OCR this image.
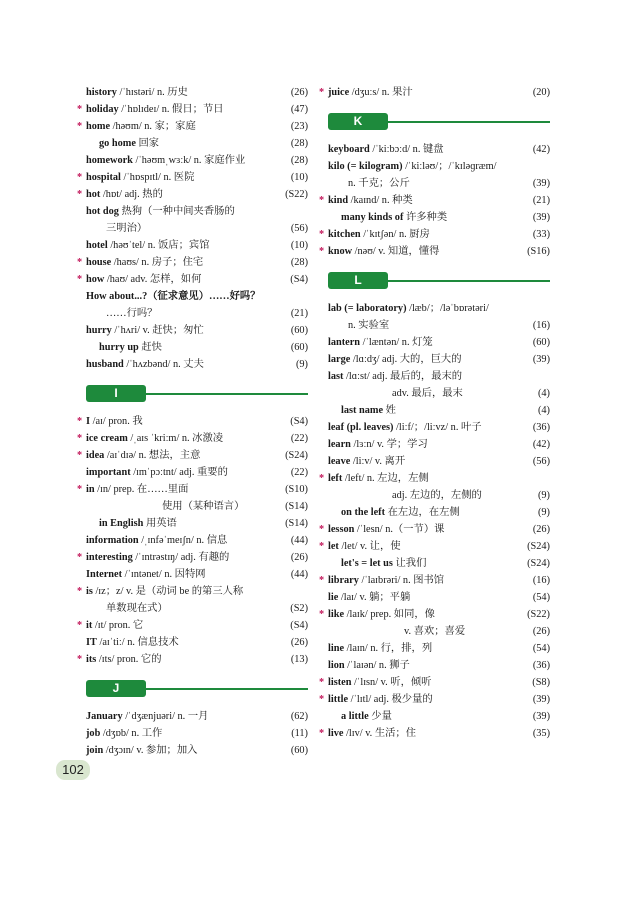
history /ˈhɪstəri/ n. 历史	(26)
* holiday /ˈhɒlɪdeɪ/ n. 假日；节日	(47)
* home /həʊm/ n. 家；家庭	(23)
go home 回家	(28)
homework /ˈhəʊmˌwɜːk/ n. 家庭作业	(28)
* hospital /ˈhɒspɪtl/ n. 医院	(10)
* hot /hɒt/ adj. 热的	(S22)
hot dog 热狗（一种中间夹香肠的
三明治）	(56)
hotel /həʊˈtel/ n. 饭店；宾馆	(10)
* house /haʊs/ n. 房子；住宅	(28)
* how /haʊ/ adv. 怎样，如何	(S4)
How about...?（征求意见）……好吗？
……行吗？	(21)
hurry /ˈhʌri/ v. 赶快；匆忙	(60)
hurry up 赶快	(60)
husband /ˈhʌzbənd/ n. 丈夫	(9)
I
* I /aɪ/ pron. 我	(S4)
* ice cream /ˌaɪs ˈkriːm/ n. 冰激凌	(22)
* idea /aɪˈdɪə/ n. 想法，主意	(S24)
important /ɪmˈpɔːtnt/ adj. 重要的	(22)
* in /ɪn/ prep. 在……里面	(S10)
使用（某种语言）	(S14)
in English 用英语	(S14)
information /ˌɪnfəˈmeɪʃn/ n. 信息	(44)
* interesting /ˈɪntrəstɪŋ/ adj. 有趣的	(26)
Internet /ˈɪntənet/ n. 因特网	(44)
* is /ɪz；z/ v. 是（动词 be 的第三人称
单数现在式）	(S2)
* it /ɪt/ pron. 它	(S4)
IT /aɪˈtiː/ n. 信息技术	(26)
* its /ɪts/ pron. 它的	(13)
J
January /ˈdʒænjuəri/ n. 一月	(62)
job /dʒɒb/ n. 工作	(11)
join /dʒɔɪn/ v. 参加；加入	(60)
* juice /dʒuːs/ n. 果汁	(20)
K
keyboard /ˈkiːbɔːd/ n. 键盘	(42)
kilo (= kilogram) /ˈkiːləʊ/；/ˈkɪləɡræm/
n. 千克；公斤	(39)
* kind /kaɪnd/ n. 种类	(21)
many kinds of 许多种类	(39)
* kitchen /ˈkɪtʃən/ n. 厨房	(33)
* know /nəʊ/ v. 知道，懂得	(S16)
L
lab (= laboratory) /læb/；/ləˈbɒrətəri/
n. 实验室	(16)
lantern /ˈlæntən/ n. 灯笼	(60)
large /lɑːdʒ/ adj. 大的，巨大的	(39)
last /lɑːst/ adj. 最后的，最末的
adv. 最后，最末	(4)
last name 姓	(4)
leaf (pl. leaves) /liːf/；/liːvz/ n. 叶子	(36)
learn /lɜːn/ v. 学；学习	(42)
leave /liːv/ v. 离开	(56)
* left /left/ n. 左边，左侧
adj. 左边的，左侧的	(9)
on the left 在左边，在左侧	(9)
* lesson /ˈlesn/ n.（一节）课	(26)
* let /let/ v. 让，使	(S24)
let's = let us 让我们	(S24)
* library /ˈlaɪbrəri/ n. 图书馆	(16)
lie /laɪ/ v. 躺；平躺	(54)
* like /laɪk/ prep. 如同，像	(S22)
v. 喜欢；喜爱	(26)
line /laɪn/ n. 行，排，列	(54)
lion /ˈlaɪən/ n. 狮子	(36)
* listen /ˈlɪsn/ v. 听，倾听	(S8)
* little /ˈlɪtl/ adj. 极少量的	(39)
a little 少量	(39)
* live /lɪv/ v. 生活；住	(35)
102
